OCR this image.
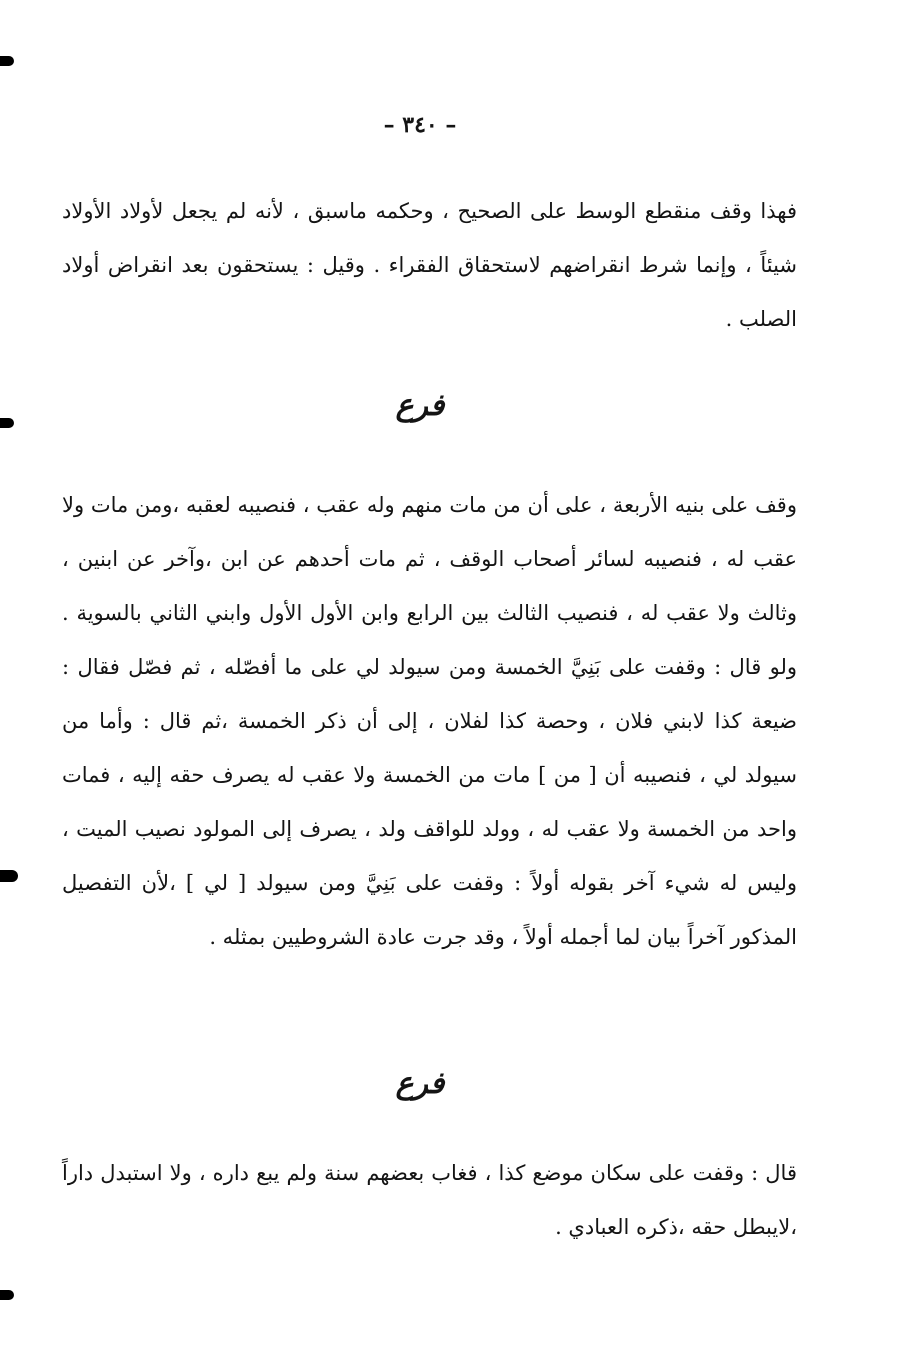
– ٣٤٠ –

فهذا وقف منقطع الوسط على الصحيح ، وحكمه ماسبق ، لأنه لم يجعل لأولاد الأولاد شيئاً ، وإنما شرط انقراضهم لاستحقاق الفقراء . وقيل : يستحقون بعد انقراض أولاد الصلب .

فرع

وقف على بنيه الأربعة ، على أن من مات منهم وله عقب ، فنصيبه لعقبه ،ومن مات ولا عقب له ، فنصيبه لسائر أصحاب الوقف ، ثم مات أحدهم عن ابن ،وآخر عن ابنين ، وثالث ولا عقب له ، فنصيب الثالث بين الرابع وابن الأول الأول وابني الثاني بالسوية . ولو قال : وقفت على بَنِيَّ الخمسة ومن سيولد لي على ما أفصّله ، ثم فصّل فقال : ضيعة كذا لابني فلان ، وحصة كذا لفلان ، إلى أن ذكر الخمسة ،ثم قال : وأما من سيولد لي ، فنصيبه أن [ من ] مات من الخمسة ولا عقب له يصرف حقه إليه ، فمات واحد من الخمسة ولا عقب له ، وولد للواقف ولد ، يصرف إلى المولود نصيب الميت ، وليس له شيء آخر بقوله أولاً : وقفت على بَنِيَّ ومن سيولد [ لي ] ،لأن التفصيل المذكور آخراً بيان لما أجمله أولاً ، وقد جرت عادة الشروطيين بمثله .

فرع

قال : وقفت على سكان موضع كذا ، فغاب بعضهم سنة ولم يبع داره ، ولا استبدل داراً ،لايبطل حقه ،ذكره العبادي .
